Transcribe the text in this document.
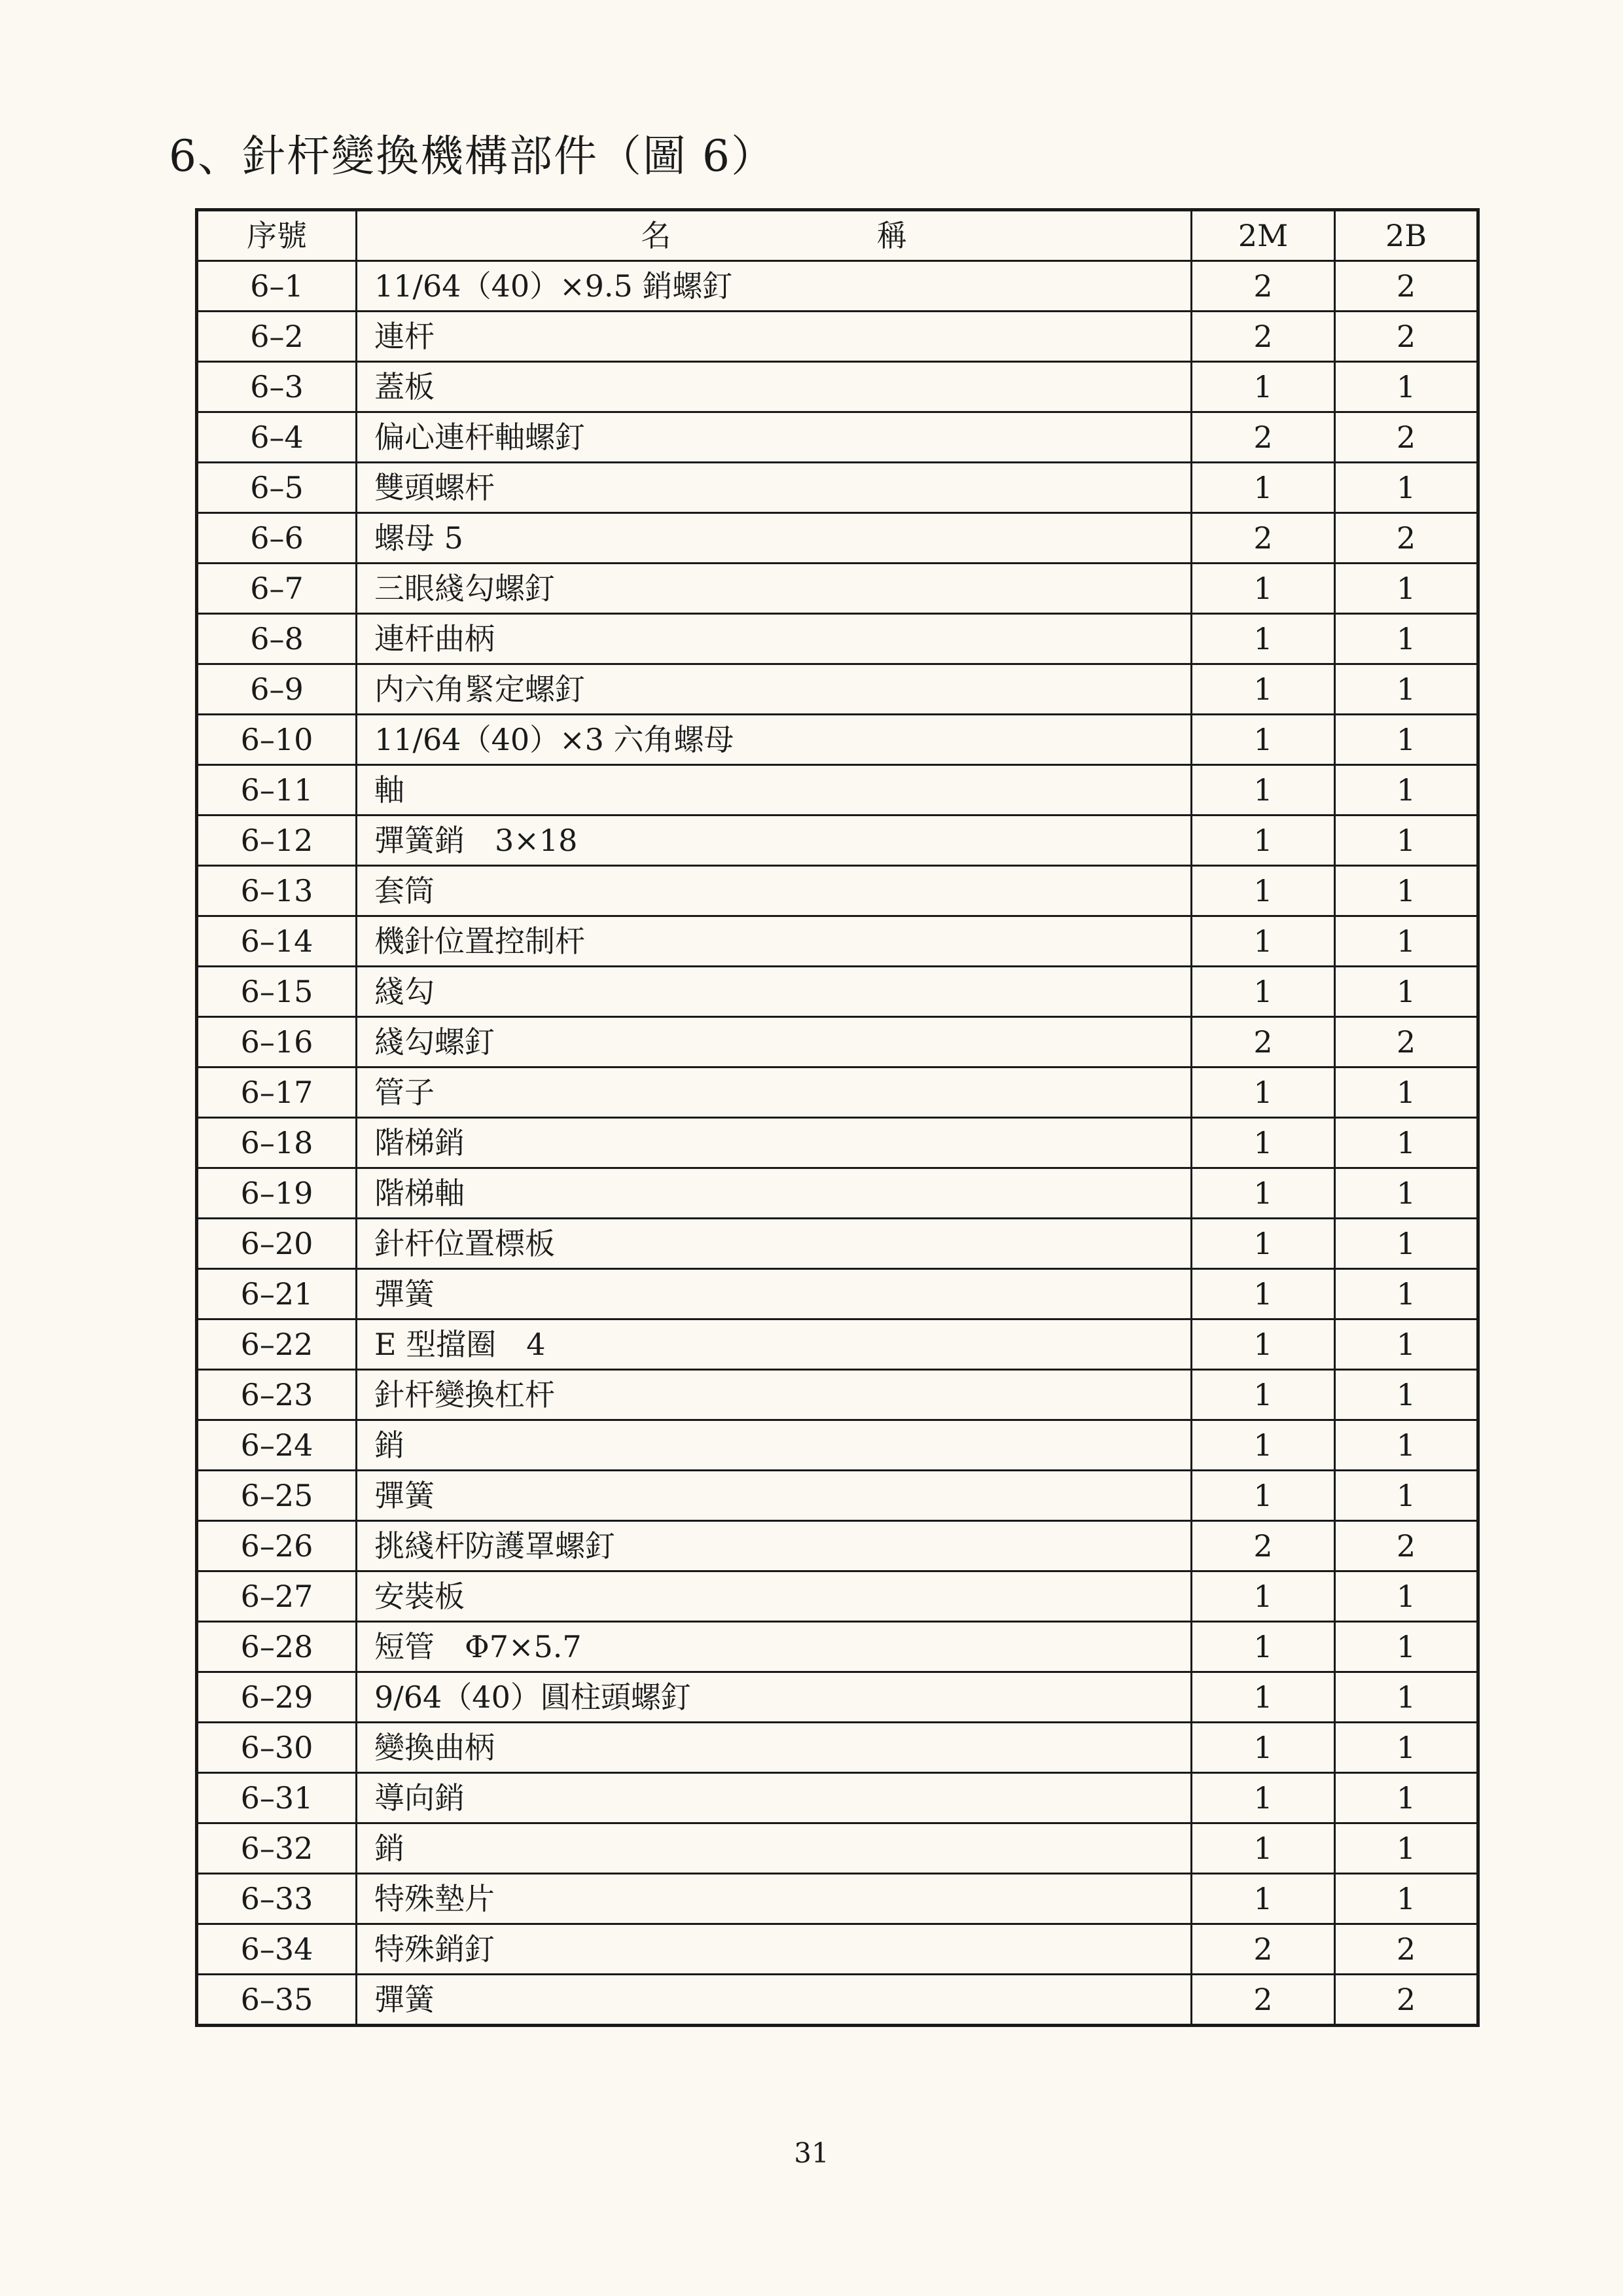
6、針杆變換機構部件（圖 6）
序號	名 稱	2M	2B
6–1	11/64（40）×9.5 銷螺釘	2	2
6–2	連杆	2	2
6–3	蓋板	1	1
6–4	偏心連杆軸螺釘	2	2
6–5	雙頭螺杆	1	1
6–6	螺母 5	2	2
6–7	三眼綫勾螺釘	1	1
6–8	連杆曲柄	1	1
6–9	内六角緊定螺釘	1	1
6–10	11/64（40）×3 六角螺母	1	1
6–11	軸	1	1
6–12	彈簧銷　3×18	1	1
6–13	套筒	1	1
6–14	機針位置控制杆	1	1
6–15	綫勾	1	1
6–16	綫勾螺釘	2	2
6–17	管子	1	1
6–18	階梯銷	1	1
6–19	階梯軸	1	1
6–20	針杆位置標板	1	1
6–21	彈簧	1	1
6–22	E 型擋圈　4	1	1
6–23	針杆變換杠杆	1	1
6–24	銷	1	1
6–25	彈簧	1	1
6–26	挑綫杆防護罩螺釘	2	2
6–27	安裝板	1	1
6–28	短管　Φ7×5.7	1	1
6–29	9/64（40）圓柱頭螺釘	1	1
6–30	變換曲柄	1	1
6–31	導向銷	1	1
6–32	銷	1	1
6–33	特殊墊片	1	1
6–34	特殊銷釘	2	2
6–35	彈簧	2	2
31
